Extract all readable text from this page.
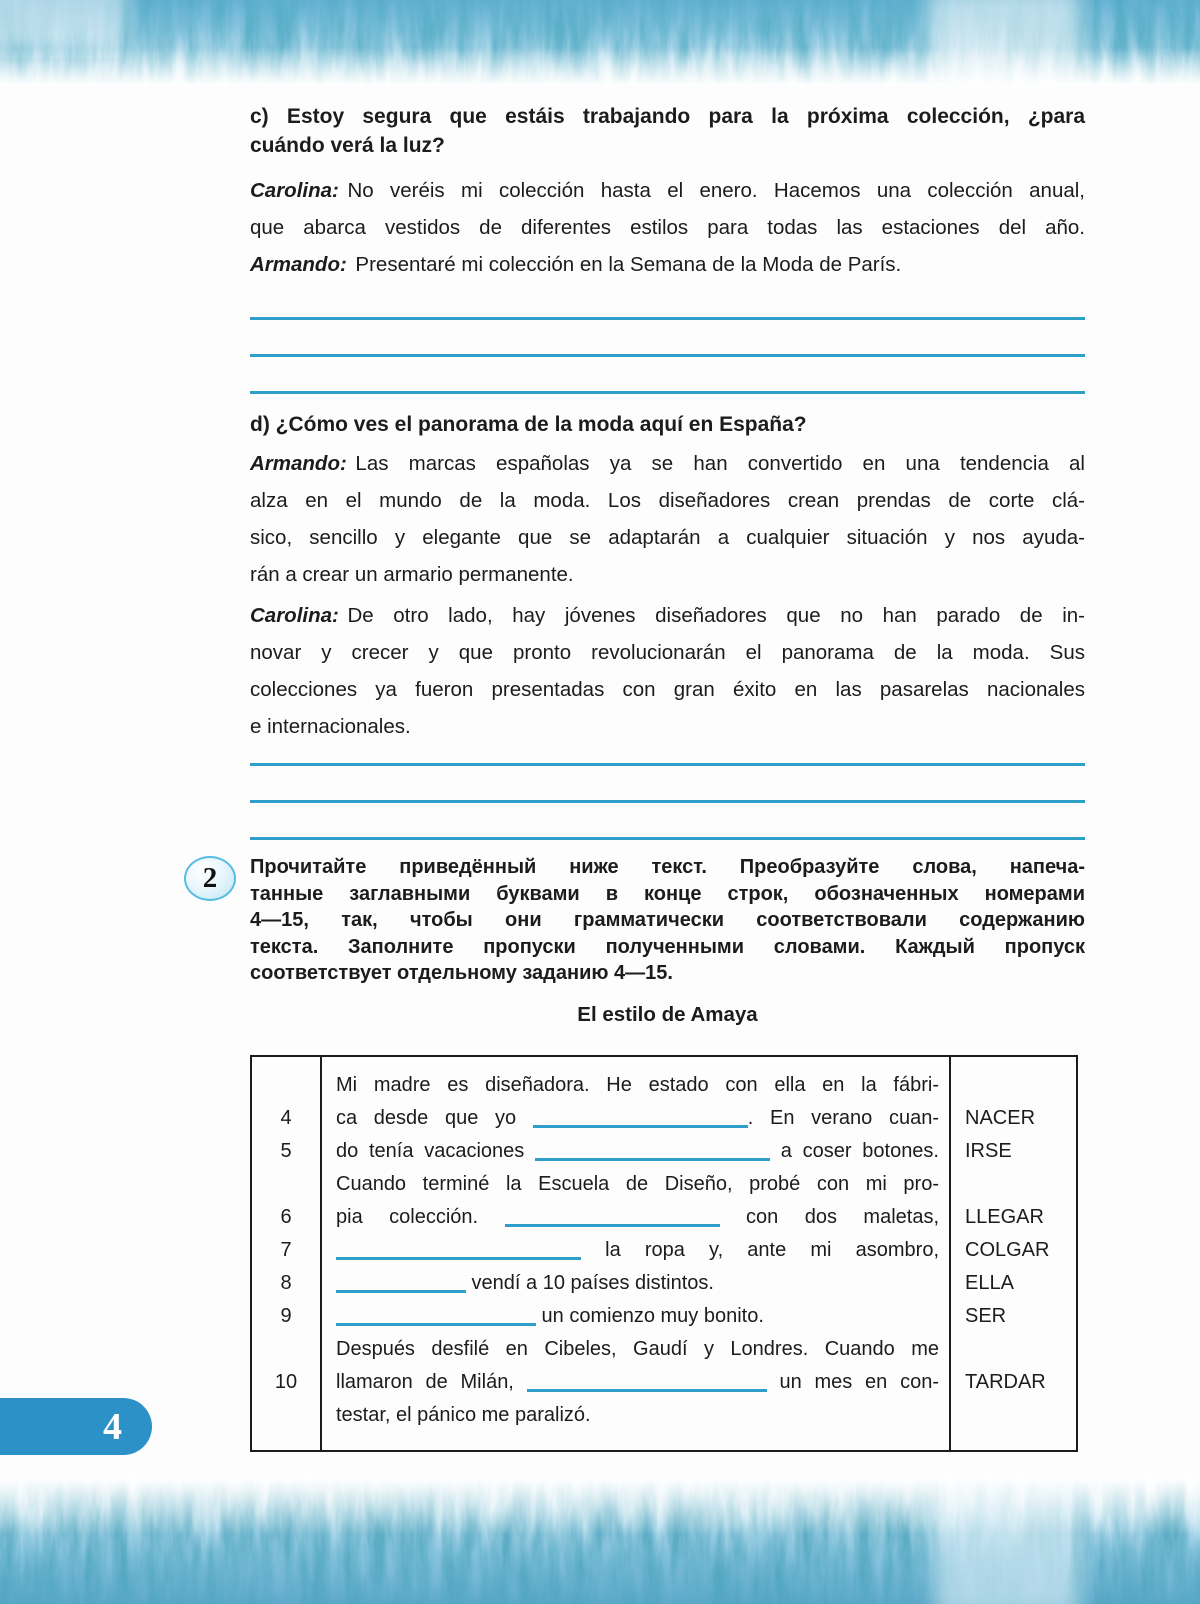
c) Estoy segura que estáis trabajando para la próxima colección, ¿para
cuándo verá la luz?
Carolina: No veréis mi colección hasta el enero. Hacemos una colección anual,
que abarca vestidos de diferentes estilos para todas las estaciones del año.
Armando: Presentaré mi colección en la Semana de la Moda de París.
d) ¿Cómo ves el panorama de la moda aquí en España?
Armando: Las marcas españolas ya se han convertido en una tendencia al
alza en el mundo de la moda. Los diseñadores crean prendas de corte clá-
sico, sencillo y elegante que se adaptarán a cualquier situación y nos ayuda-
rán a crear un armario permanente.
Carolina: De otro lado, hay jóvenes diseñadores que no han parado de in-
novar y crecer y que pronto revolucionarán el panorama de la moda. Sus
colecciones ya fueron presentadas con gran éxito en las pasarelas nacionales
e internacionales.
2 Прочитайте приведённый ниже текст. Преобразуйте слова, напеча-
танные заглавными буквами в конце строк, обозначенных номерами
4—15, так, чтобы они грамматически соответствовали содержанию
текста. Заполните пропуски полученными словами. Каждый пропуск
соответствует отдельному заданию 4—15.
El estilo de Amaya
Mi madre es diseñadora. He estado con ella en la fábri-
4	ca desde que yo	. En verano cuan-	NACER
5	do tenía vacaciones	a coser botones.	IRSE
Cuando terminé la Escuela de Diseño, probé con mi pro-
6	pia colección.	con dos maletas,	LLEGAR
7	la ropa y, ante mi asombro,	COLGAR
8	vendí a 10 países distintos.	ELLA
9	un comienzo muy bonito.	SER
Después desfilé en Cibeles, Gaudí y Londres. Cuando me
10	llamaron de Milán,	un mes en con-	TARDAR
testar, el pánico me paralizó.
4
